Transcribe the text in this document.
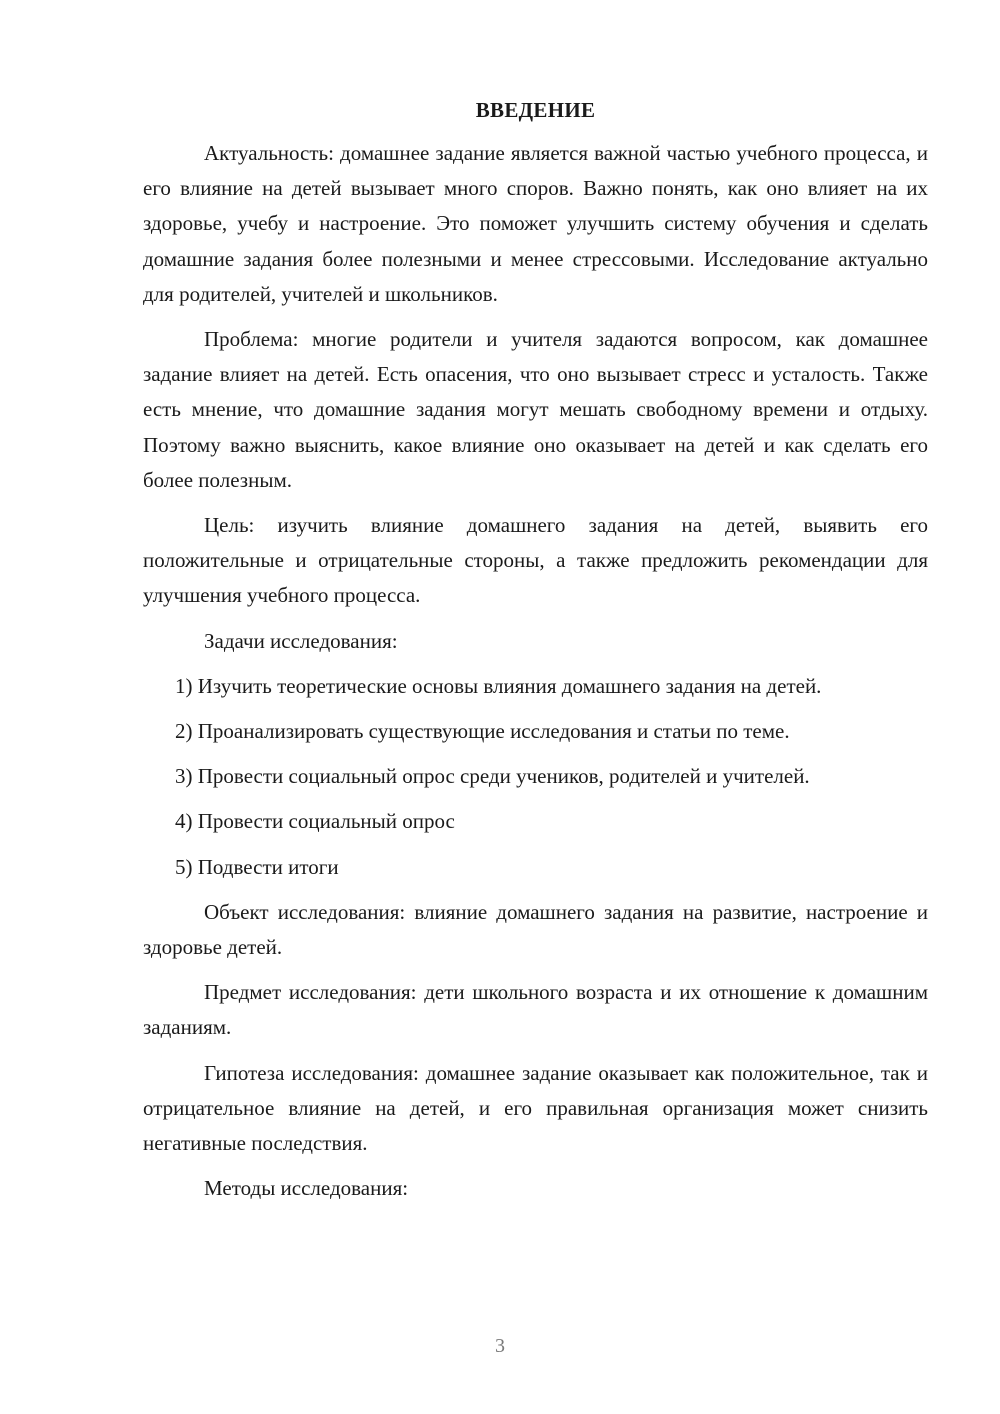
ВВЕДЕНИЕ

Актуальность: домашнее задание является важной частью учебного процесса, и его влияние на детей вызывает много споров. Важно понять, как оно влияет на их здоровье, учебу и настроение. Это поможет улучшить систему обучения и сделать домашние задания более полезными и менее стрессовыми. Исследование актуально для родителей, учителей и школьников.

Проблема: многие родители и учителя задаются вопросом, как домашнее задание влияет на детей. Есть опасения, что оно вызывает стресс и усталость. Также есть мнение, что домашние задания могут мешать свободному времени и отдыху. Поэтому важно выяснить, какое влияние оно оказывает на детей и как сделать его более полезным.

Цель: изучить влияние домашнего задания на детей, выявить его положительные и отрицательные стороны, а также предложить рекомендации для улучшения учебного процесса.

Задачи исследования:

1) Изучить теоретические основы влияния домашнего задания на детей.

2) Проанализировать существующие исследования и статьи по теме.

3) Провести социальный опрос среди учеников, родителей и учителей.

4) Провести социальный опрос

5) Подвести итоги

Объект исследования: влияние домашнего задания на развитие, настроение и здоровье детей.

Предмет исследования: дети школьного возраста и их отношение к домашним заданиям.

Гипотеза исследования: домашнее задание оказывает как положительное, так и отрицательное влияние на детей, и его правильная организация может снизить негативные последствия.

Методы исследования:

3
